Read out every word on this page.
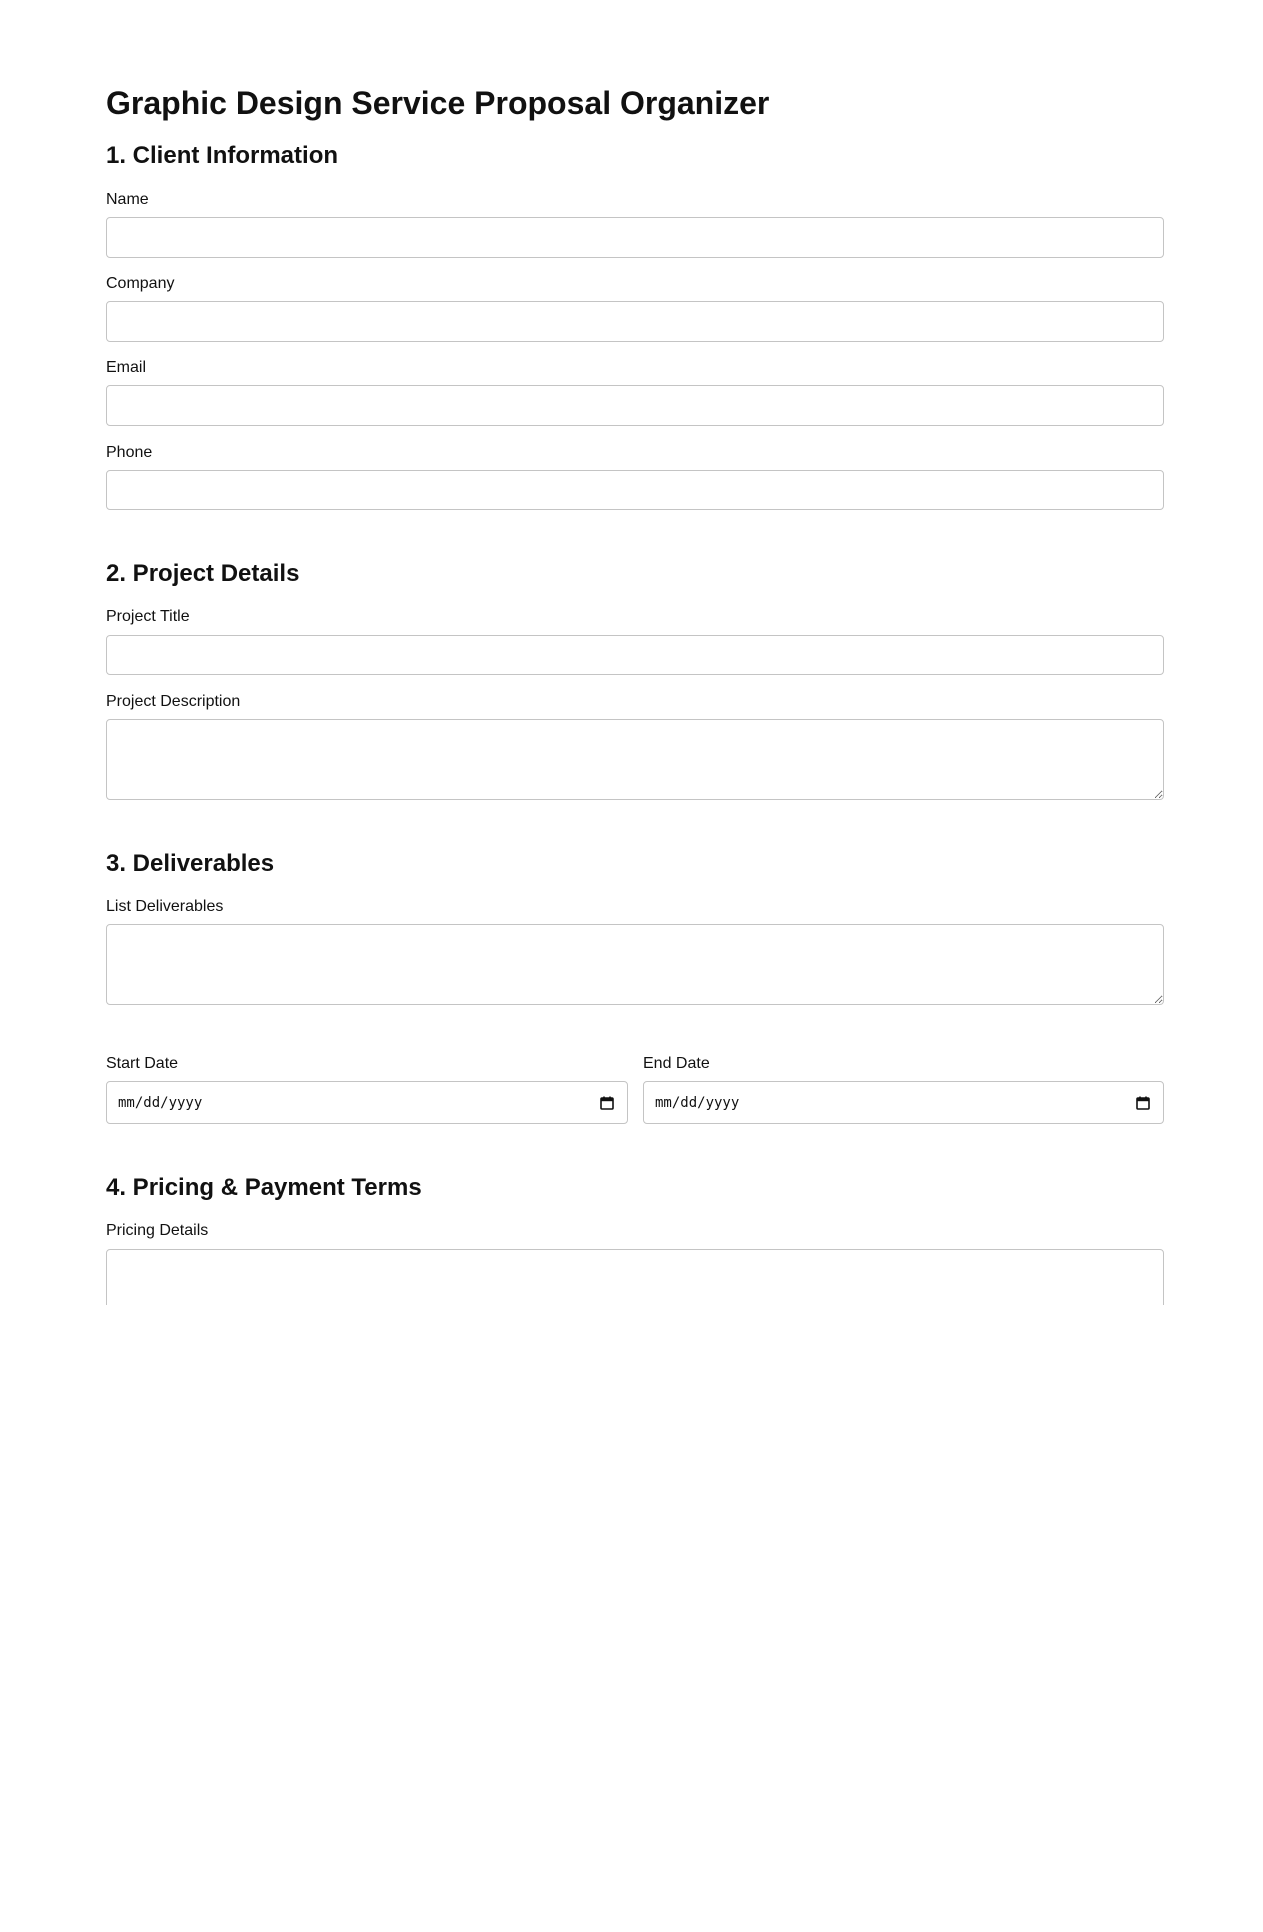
Graphic Design Service Proposal Organizer
1. Client Information
Name
Company
Email
Phone
2. Project Details
Project Title
Project Description
3. Deliverables
List Deliverables
Start Date
mm/dd/yyyy
End Date
mm/dd/yyyy
4. Pricing & Payment Terms
Pricing Details
